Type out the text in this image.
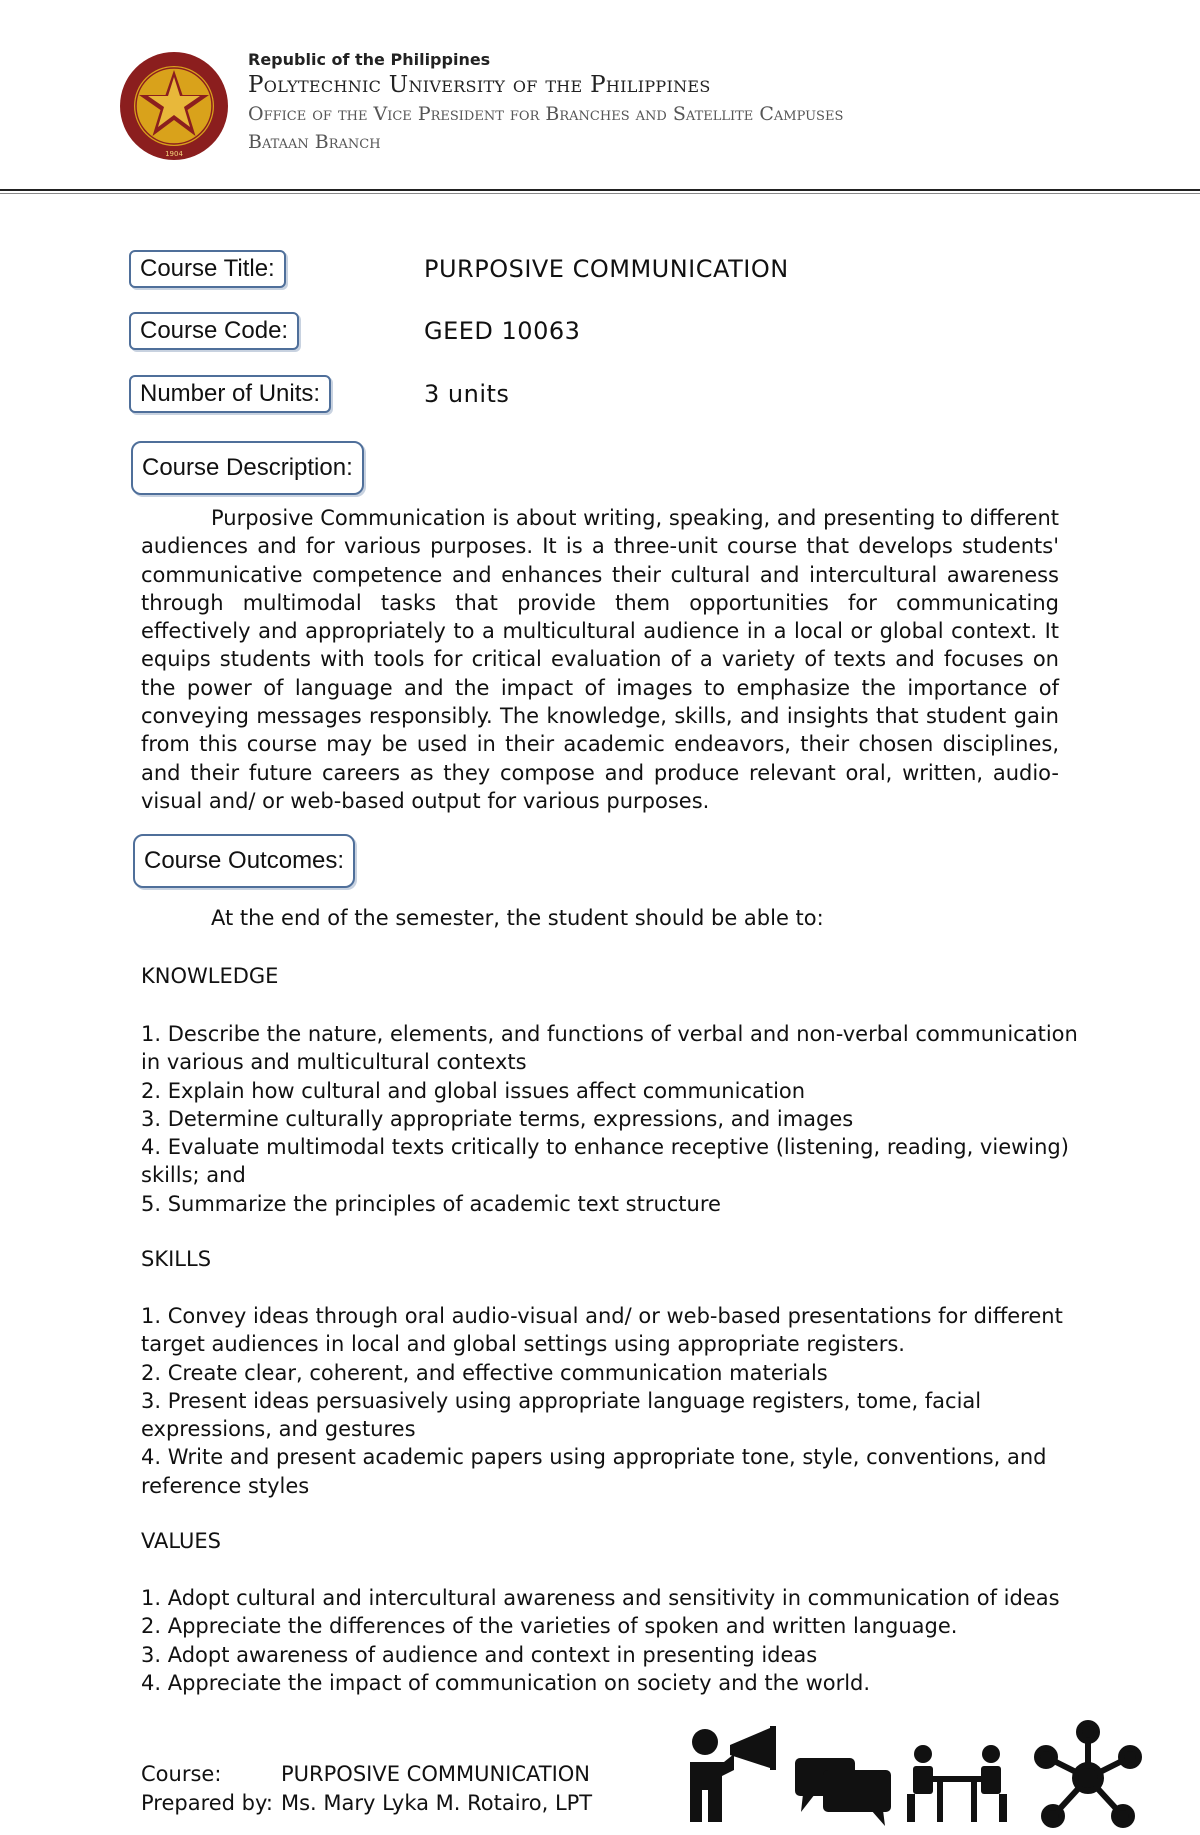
1904
Republic of the Philippines
Polytechnic University of the Philippines
Office of the Vice President for Branches and Satellite Campuses
Bataan Branch
Course Title:	PURPOSIVE COMMUNICATION
Course Code:	GEED 10063
Number of Units:	3 units
Course Description:

Purposive Communication is about writing, speaking, and presenting to different audiences and for various purposes. It is a three-unit course that develops students' communicative competence and enhances their cultural and intercultural awareness through multimodal tasks that provide them opportunities for communicating effectively and appropriately to a multicultural audience in a local or global context. It equips students with tools for critical evaluation of a variety of texts and focuses on the power of language and the impact of images to emphasize the importance of conveying messages responsibly. The knowledge, skills, and insights that student gain from this course may be used in their academic endeavors, their chosen disciplines, and their future careers as they compose and produce relevant oral, written, audio-visual and/ or web-based output for various purposes.

Course Outcomes:
At the end of the semester, the student should be able to:
KNOWLEDGE
1. Describe the nature, elements, and functions of verbal and non-verbal communication in various and multicultural contexts
2. Explain how cultural and global issues affect communication
3. Determine culturally appropriate terms, expressions, and images
4. Evaluate multimodal texts critically to enhance receptive (listening, reading, viewing) skills; and
5. Summarize the principles of academic text structure
SKILLS
1. Convey ideas through oral audio-visual and/ or web-based presentations for different target audiences in local and global settings using appropriate registers.
2. Create clear, coherent, and effective communication materials
3. Present ideas persuasively using appropriate language registers, tome, facial expressions, and gestures
4. Write and present academic papers using appropriate tone, style, conventions, and reference styles
VALUES
1. Adopt cultural and intercultural awareness and sensitivity in communication of ideas
2. Appreciate the differences of the varieties of spoken and written language.
3. Adopt awareness of audience and context in presenting ideas
4. Appreciate the impact of communication on society and the world.
Course:	PURPOSIVE COMMUNICATION
Prepared by: Ms. Mary Lyka M. Rotairo, LPT
